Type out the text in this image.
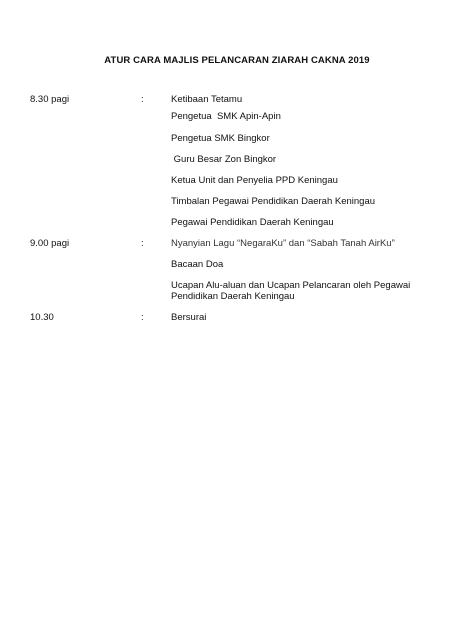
ATUR CARA MAJLIS PELANCARAN ZIARAH CAKNA 2019
8.30 pagi	:	Ketibaan Tetamu
Pengetua  SMK Apin-Apin
Pengetua SMK Bingkor
Guru Besar Zon Bingkor
Ketua Unit dan Penyelia PPD Keningau
Timbalan Pegawai Pendidikan Daerah Keningau
Pegawai Pendidikan Daerah Keningau
9.00 pagi	:	Nyanyian Lagu “NegaraKu” dan “Sabah Tanah AirKu”
Bacaan Doa
Ucapan Alu-aluan dan Ucapan Pelancaran oleh Pegawai
Pendidikan Daerah Keningau
10.30	:	Bersurai
